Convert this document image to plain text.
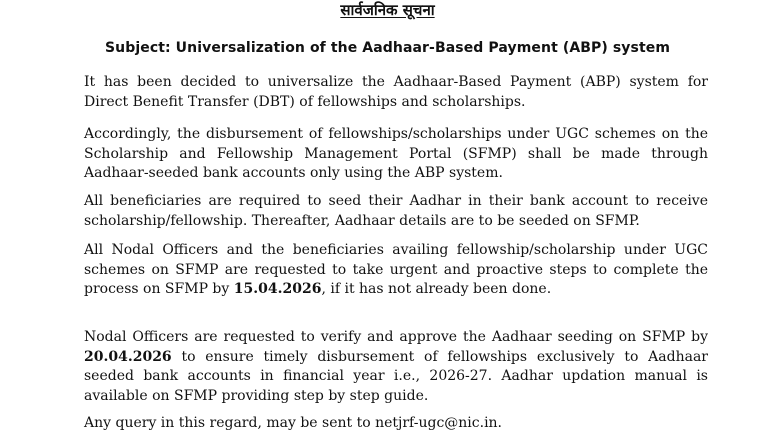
सार्वजनिक सूचना
Subject: Universalization of the Aadhaar-Based Payment (ABP) system

It has been decided to universalize the Aadhaar-Based Payment (ABP) system for Direct Benefit Transfer (DBT) of fellowships and scholarships.

Accordingly, the disbursement of fellowships/scholarships under UGC schemes on the Scholarship and Fellowship Management Portal (SFMP) shall be made through Aadhaar-seeded bank accounts only using the ABP system.

All beneficiaries are required to seed their Aadhar in their bank account to receive scholarship/fellowship. Thereafter, Aadhaar details are to be seeded on SFMP.

All Nodal Officers and the beneficiaries availing fellowship/scholarship under UGC schemes on SFMP are requested to take urgent and proactive steps to complete the process on SFMP by 15.04.2026, if it has not already been done.

Nodal Officers are requested to verify and approve the Aadhaar seeding on SFMP by 20.04.2026 to ensure timely disbursement of fellowships exclusively to Aadhaar seeded bank accounts in financial year i.e., 2026-27. Aadhar updation manual is available on SFMP providing step by step guide.

Any query in this regard, may be sent to netjrf-ugc@nic.in.
